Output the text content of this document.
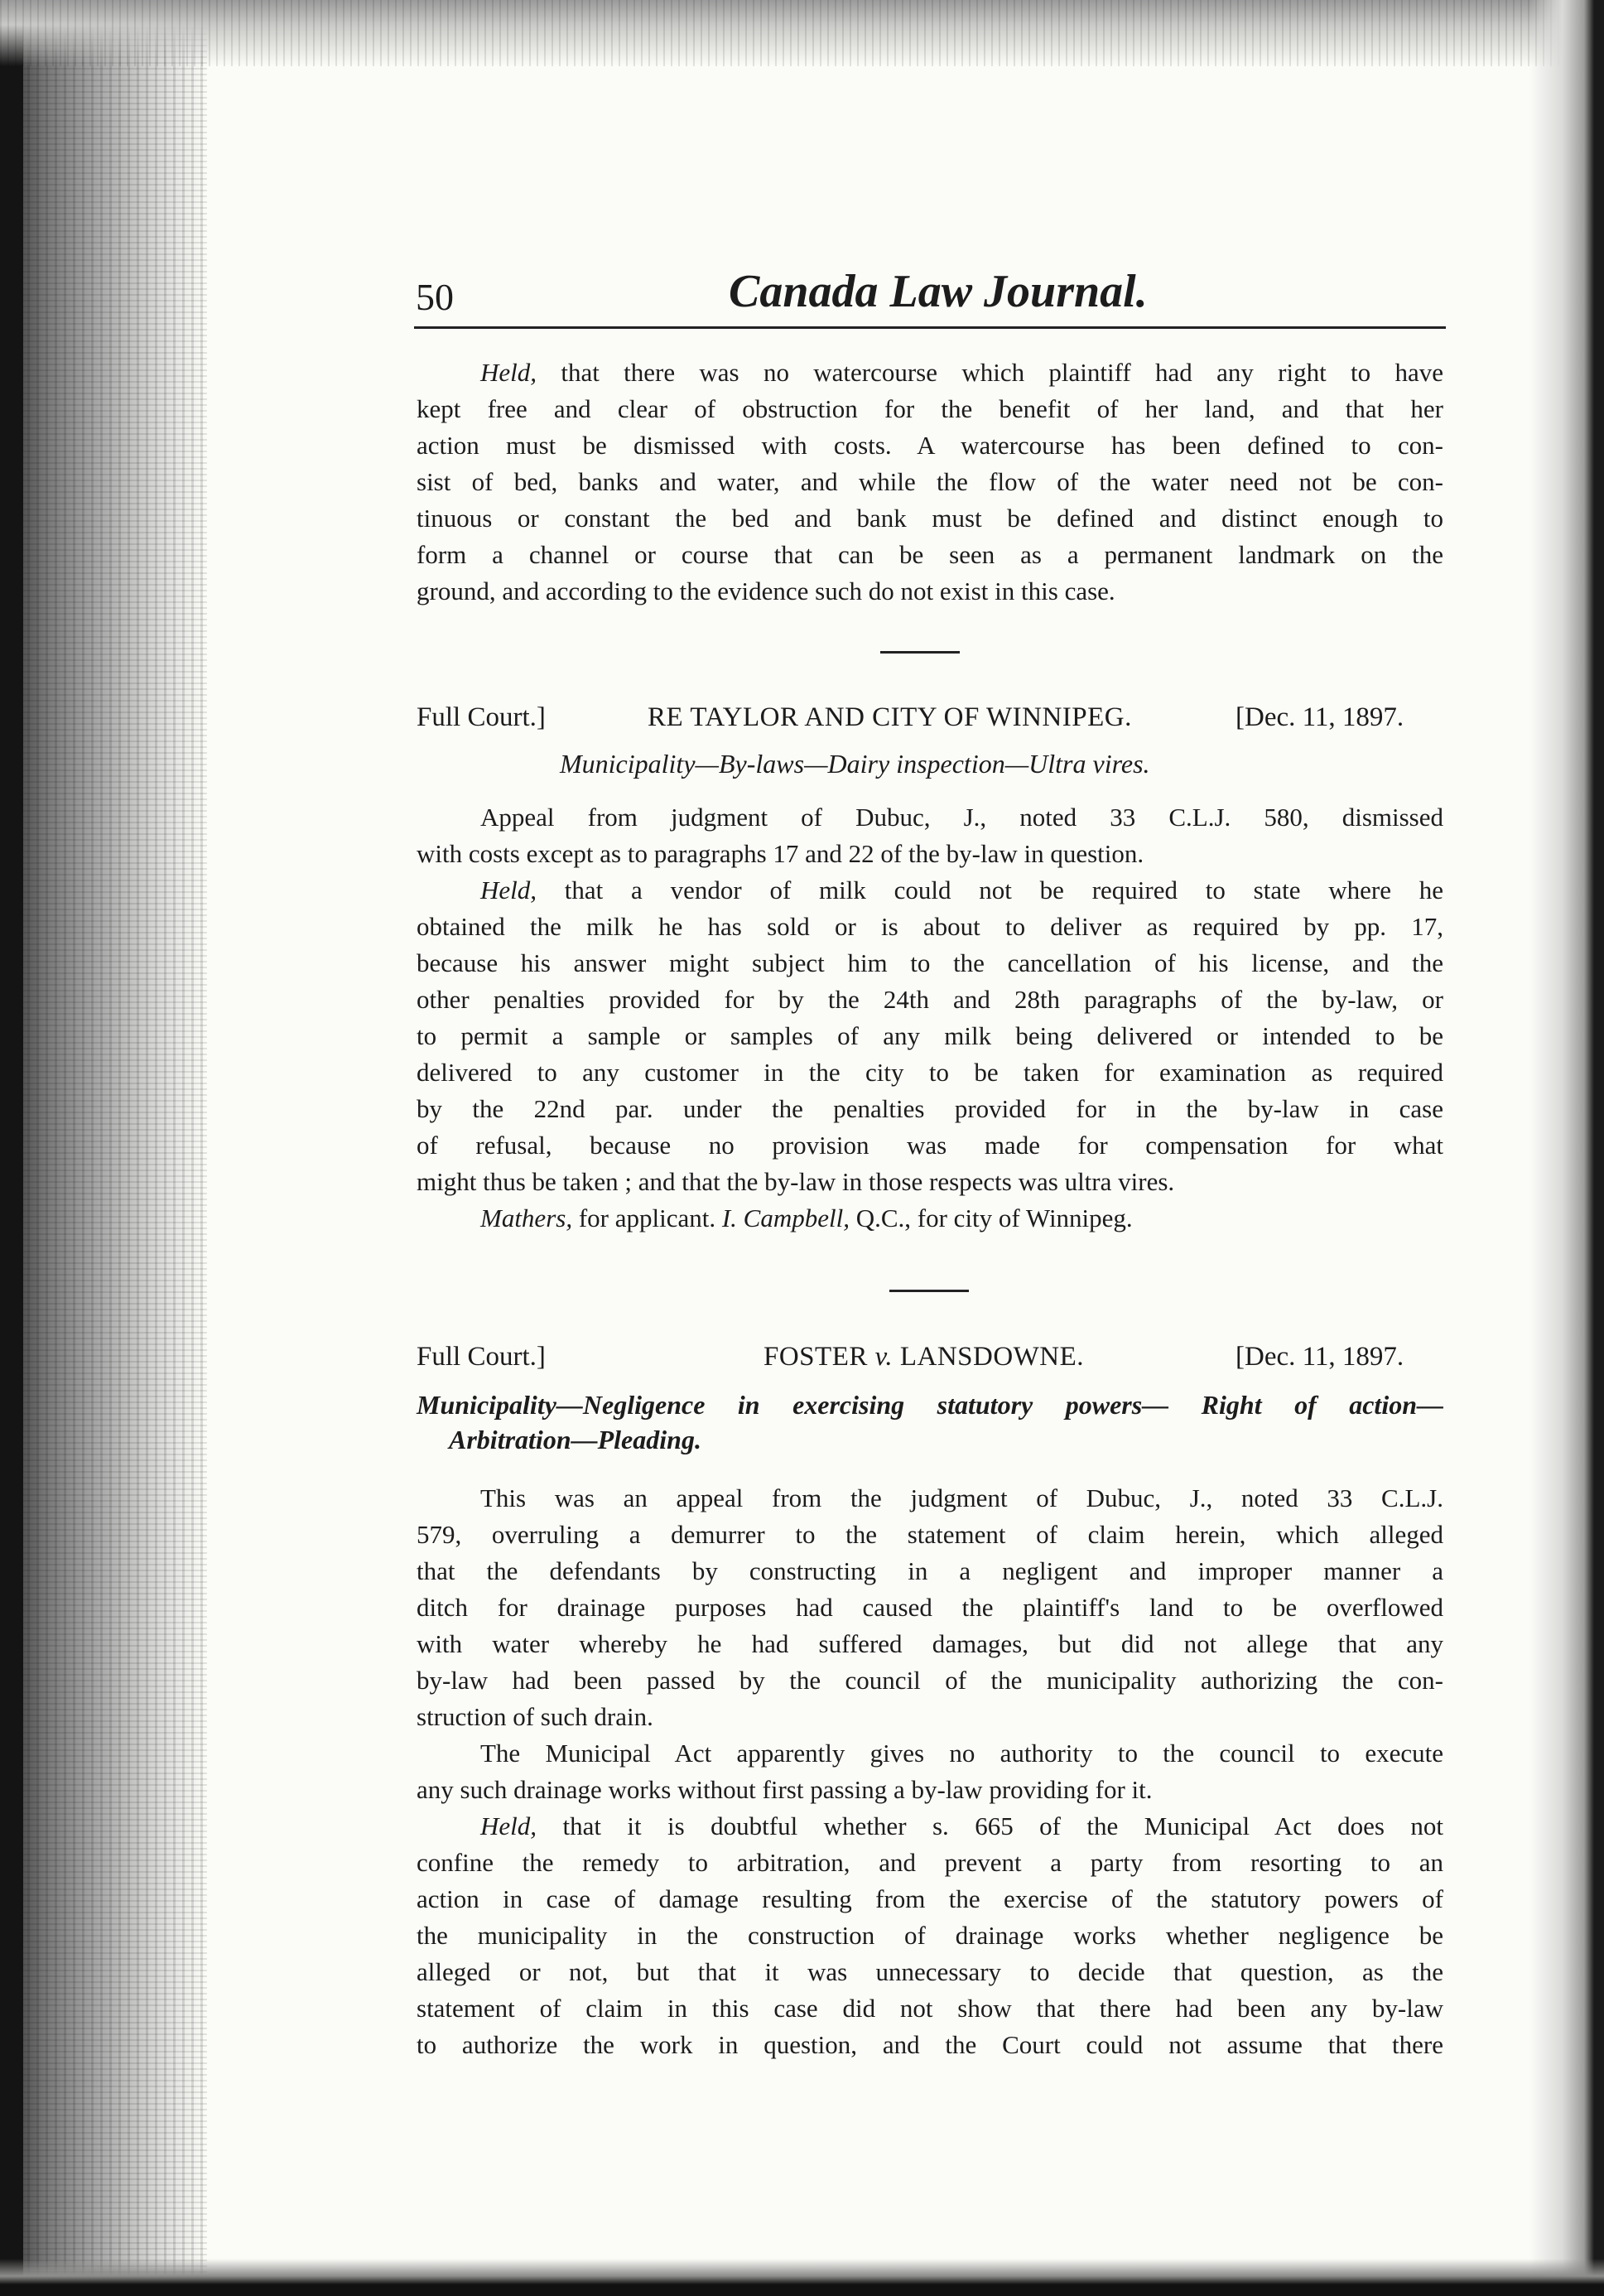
50	Canada Law Journal.
Held, that there was no watercourse which plaintiff had any right to have
kept free and clear of obstruction for the benefit of her land, and that her
action must be dismissed with costs. A watercourse has been defined to con-
sist of bed, banks and water, and while the flow of the water need not be con-
tinuous or constant the bed and bank must be defined and distinct enough to
form a channel or course that can be seen as a permanent landmark on the
ground, and according to the evidence such do not exist in this case.
Full Court.]	RE TAYLOR AND CITY OF WINNIPEG.	[Dec. 11, 1897.
Municipality—By-laws—Dairy inspection—Ultra vires.
Appeal from judgment of Dubuc, J., noted 33 C.L.J. 580, dismissed
with costs except as to paragraphs 17 and 22 of the by-law in question.
Held, that a vendor of milk could not be required to state where he
obtained the milk he has sold or is about to deliver as required by pp. 17,
because his answer might subject him to the cancellation of his license, and the
other penalties provided for by the 24th and 28th paragraphs of the by-law, or
to permit a sample or samples of any milk being delivered or intended to be
delivered to any customer in the city to be taken for examination as required
by the 22nd par. under the penalties provided for in the by-law in case
of refusal, because no provision was made for compensation for what
might thus be taken ; and that the by-law in those respects was ultra vires.
Mathers, for applicant. I. Campbell, Q.C., for city of Winnipeg.
Full Court.]	FOSTER v. LANSDOWNE.	[Dec. 11, 1897.
Municipality—Negligence in exercising statutory powers— Right of action—
Arbitration—Pleading.
This was an appeal from the judgment of Dubuc, J., noted 33 C.L.J.
579, overruling a demurrer to the statement of claim herein, which alleged
that the defendants by constructing in a negligent and improper manner a
ditch for drainage purposes had caused the plaintiff's land to be overflowed
with water whereby he had suffered damages, but did not allege that any
by-law had been passed by the council of the municipality authorizing the con-
struction of such drain.
The Municipal Act apparently gives no authority to the council to execute
any such drainage works without first passing a by-law providing for it.
Held, that it is doubtful whether s. 665 of the Municipal Act does not
confine the remedy to arbitration, and prevent a party from resorting to an
action in case of damage resulting from the exercise of the statutory powers of
the municipality in the construction of drainage works whether negligence be
alleged or not, but that it was unnecessary to decide that question, as the
statement of claim in this case did not show that there had been any by-law
to authorize the work in question, and the Court could not assume that there
